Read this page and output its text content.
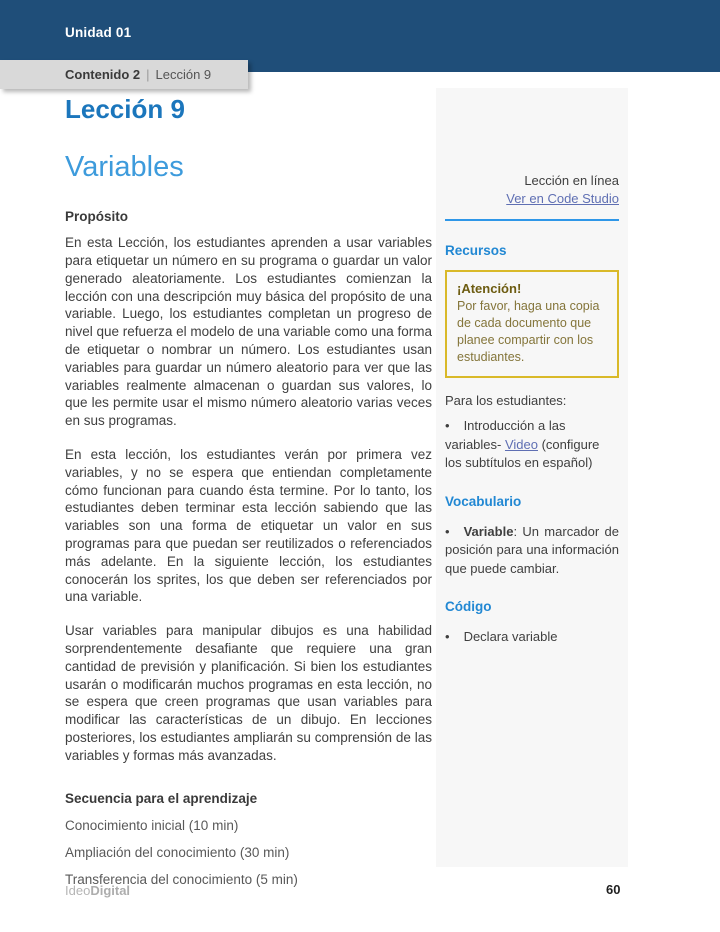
Unidad 01
Contenido 2 | Lección 9
Lección 9
Variables
Propósito

En esta Lección, los estudiantes aprenden a usar variables para etiquetar un número en su programa o guardar un valor generado aleatoriamente. Los estudiantes comienzan la lección con una descripción muy básica del propósito de una variable. Luego, los estudiantes completan un progreso de nivel que refuerza el modelo de una variable como una forma de etiquetar o nombrar un número. Los estudiantes usan variables para guardar un número aleatorio para ver que las variables realmente almacenan o guardan sus valores, lo que les permite usar el mismo número aleatorio varias veces en sus programas.

En esta lección, los estudiantes verán por primera vez variables, y no se espera que entiendan completamente cómo funcionan para cuando ésta termine. Por lo tanto, los estudiantes deben terminar esta lección sabiendo que las variables son una forma de etiquetar un valor en sus programas para que puedan ser reutilizados o referenciados más adelante. En la siguiente lección, los estudiantes conocerán los sprites, los que deben ser referenciados por una variable.

Usar variables para manipular dibujos es una habilidad sorprendentemente desafiante que requiere una gran cantidad de previsión y planificación. Si bien los estudiantes usarán o modificarán muchos programas en esta lección, no se espera que creen programas que usan variables para modificar las características de un dibujo. En lecciones posteriores, los estudiantes ampliarán su comprensión de las variables y formas más avanzadas.

Secuencia para el aprendizaje
Conocimiento inicial (10 min)
Ampliación del conocimiento (30 min)
Transferencia del conocimiento (5 min)
Lección en línea
Ver en Code Studio
Recursos
¡Atención!
Por favor, haga una copia de cada documento que planee compartir con los estudiantes.
Para los estudiantes:
• Introducción a las variables- Video (configure los subtítulos en español)
Vocabulario
• Variable: Un marcador de posición para una información que puede cambiar.
Código
• Declara variable
IdeoDigital	60
